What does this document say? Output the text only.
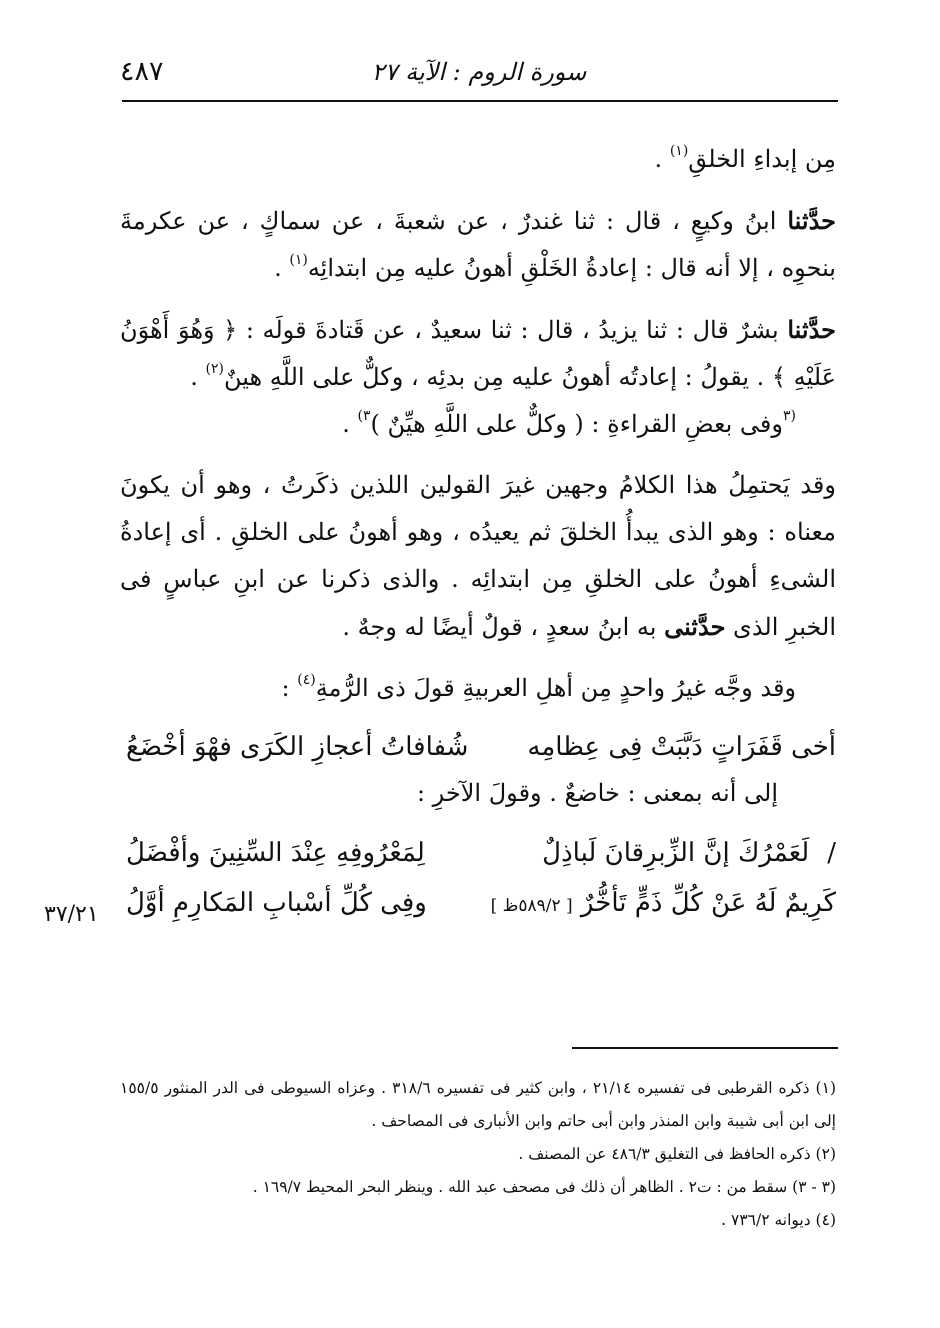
٤٨٧	سورة الروم : الآية ٢٧

مِن إبداءِ الخلقِ$^{(١)}$ .

حدَّثنا ابنُ وكيعٍ ، قال : ثنا غندرٌ ، عن شعبةَ ، عن سماكٍ ، عن عكرمةَ بنحوِه ، إلا أنه قال : إعادةُ الخَلْقِ أهونُ عليه مِن ابتدائِه$^{(١)}$ .

حدَّثنا بشرٌ قال : ثنا يزيدُ ، قال : ثنا سعيدٌ ، عن قَتادةَ قولَه : ﴿ وَهُوَ أَهْوَنُ عَلَيْهِ ﴾ . يقولُ : إعادتُه أهونُ عليه مِن بدئِه ، وكلٌّ على اللَّهِ هينٌ$^{(٢)}$ .

$^{(٣}$وفى بعضِ القراءةِ : ( وكلٌّ على اللَّهِ هيِّنٌ )$^{٣)}$ .

وقد يَحتمِلُ هذا الكلامُ وجهين غيرَ القولين اللذين ذكَرتُ ، وهو أن يكونَ معناه : وهو الذى يبدأُ الخلقَ ثم يعيدُه ، وهو أهونُ على الخلقِ . أى إعادةُ الشىءِ أهونُ على الخلقِ مِن ابتدائِه . والذى ذكرنا عن ابنِ عباسٍ فى الخبرِ الذى حدَّثنى به ابنُ سعدٍ ، قولٌ أيضًا له وجهٌ .

وقد وجَّه غيرُ واحدٍ مِن أهلِ العربيةِ قولَ ذى الرُّمةِ$^{(٤)}$ :

أخى قَفَرَاتٍ دَبَّبَتْ فِى عِظامِه
شُفافاتُ أعجازِ الكَرَى فهْوَ أخْضَعُ

إلى أنه بمعنى : خاضعٌ . وقولَ الآخرِ :

/لَعَمْرُكَ إنَّ الزِّبرِقانَ لَباذِلٌ
لِمَعْرُوفِهِ عِنْدَ السِّنِينَ وأفْضَلُ
كَرِيمٌ لَهُ عَنْ كُلِّ ذَمٍّ تَأخُّرٌ [ ٥٨٩/٢ظ ]
وفِى كُلِّ أسْبابِ المَكارِمِ أوَّلُ
٣٧/٢١

(١) ذكره القرطبى فى تفسيره ٢١/١٤ ، وابن كثير فى تفسيره ٣١٨/٦ . وعزاه السيوطى فى الدر المنثور ١٥٥/٥ إلى ابن أبى شيبة وابن المنذر وابن أبى حاتم وابن الأنبارى فى المصاحف .

(٢) ذكره الحافظ فى التغليق ٤٨٦/٣ عن المصنف .

(٣ - ٣) سقط من : ت٢ . الظاهر أن ذلك فى مصحف عبد الله . وينظر البحر المحيط ١٦٩/٧ .

(٤) ديوانه ٧٣٦/٢ .
